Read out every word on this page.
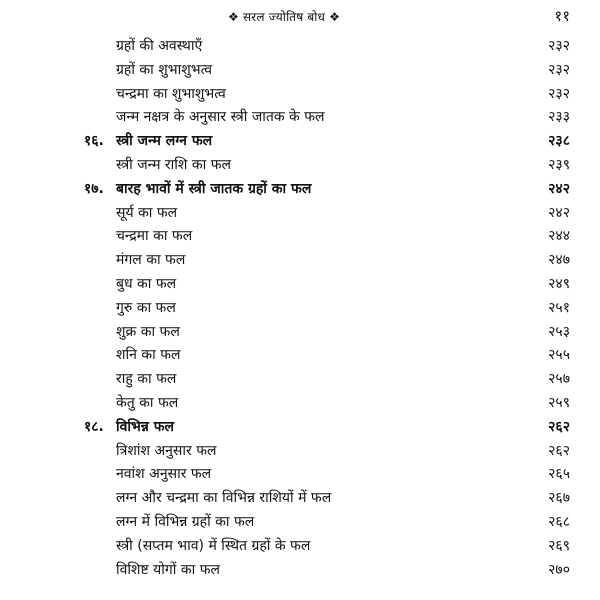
❖ सरल ज्योतिष बोध ❖	११
ग्रहों की अवस्थाएँ	२३२
ग्रहों का शुभाशुभत्व	२३२
चन्द्रमा का शुभाशुभत्व	२३२
जन्म नक्षत्र के अनुसार स्त्री जातक के फल	२३३
१६. स्त्री जन्म लग्न फल	२३८
स्त्री जन्म राशि का फल	२३९
१७. बारह भावों में स्त्री जातक ग्रहों का फल	२४२
सूर्य का फल	२४२
चन्द्रमा का फल	२४४
मंगल का फल	२४७
बुध का फल	२४९
गुरु का फल	२५१
शुक्र का फल	२५३
शनि का फल	२५५
राहु का फल	२५७
केतु का फल	२५९
१८. विभिन्न फल	२६२
त्रिशांश अनुसार फल	२६२
नवांश अनुसार फल	२६५
लग्न और चन्द्रमा का विभिन्न राशियों में फल	२६७
लग्न में विभिन्न ग्रहों का फल	२६८
स्त्री (सप्तम भाव) में स्थित ग्रहों के फल	२६९
विशिष्ट योगों का फल	२७०
